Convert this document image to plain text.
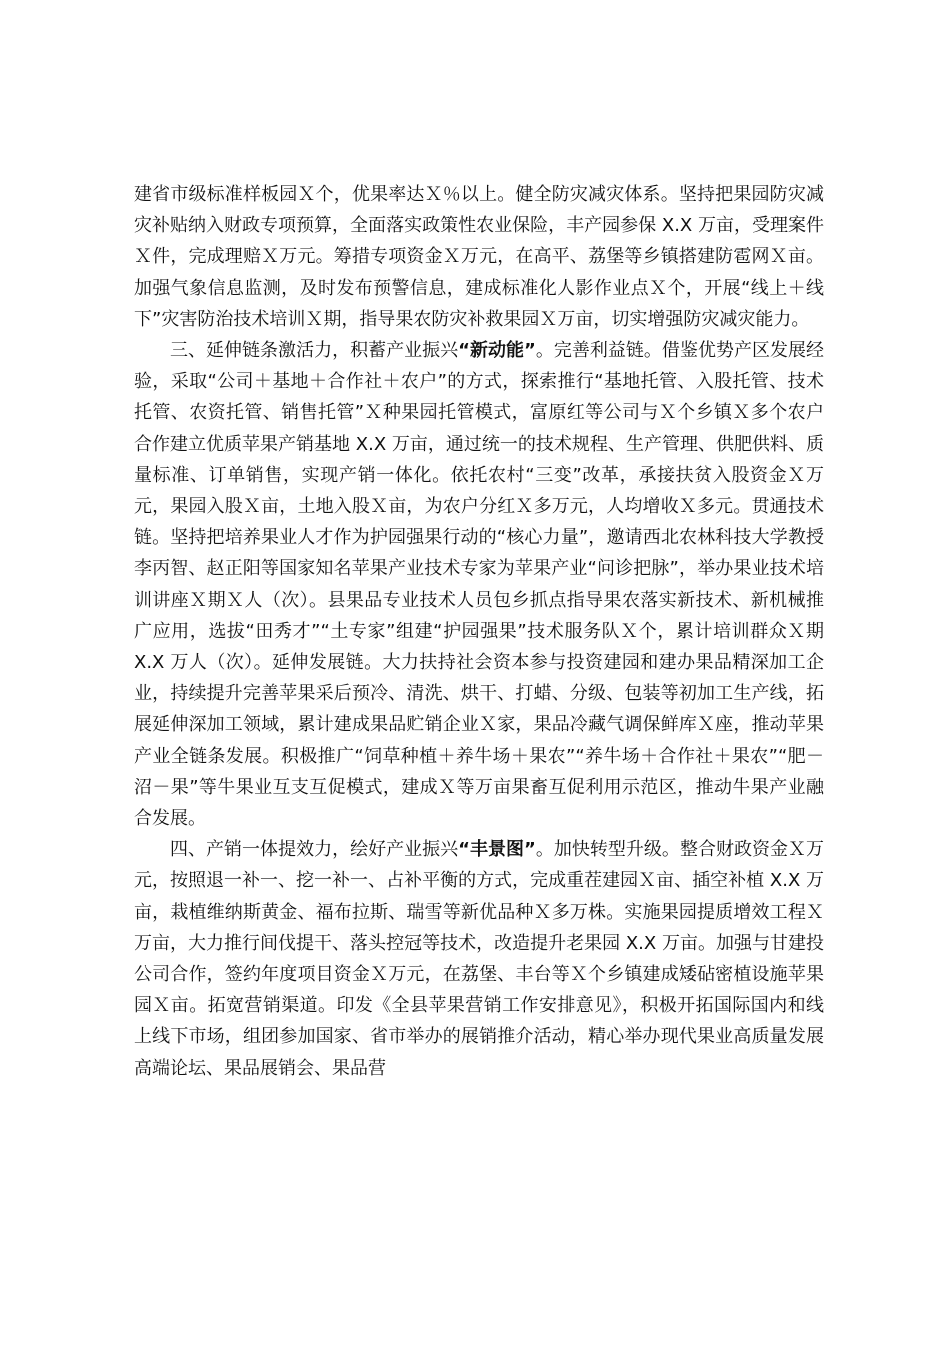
建省市级标准样板园Ｘ个，优果率达Ｘ％以上。健全防灾减灾体系。坚持把果园防灾减灾补贴纳入财政专项预算，全面落实政策性农业保险，丰产园参保 X.X 万亩，受理案件Ｘ件，完成理赔Ｘ万元。筹措专项资金Ｘ万元，在高平、荔堡等乡镇搭建防雹网Ｘ亩。加强气象信息监测，及时发布预警信息，建成标准化人影作业点Ｘ个，开展“线上＋线下”灾害防治技术培训Ｘ期，指导果农防灾补救果园Ｘ万亩，切实增强防灾减灾能力。

三、延伸链条激活力，积蓄产业振兴“新动能”。完善利益链。借鉴优势产区发展经验，采取“公司＋基地＋合作社＋农户”的方式，探索推行“基地托管、入股托管、技术托管、农资托管、销售托管”Ｘ种果园托管模式，富原红等公司与Ｘ个乡镇Ｘ多个农户合作建立优质苹果产销基地 X.X 万亩，通过统一的技术规程、生产管理、供肥供料、质量标准、订单销售，实现产销一体化。依托农村“三变”改革，承接扶贫入股资金Ｘ万元，果园入股Ｘ亩，土地入股Ｘ亩，为农户分红Ｘ多万元，人均增收Ｘ多元。贯通技术链。坚持把培养果业人才作为护园强果行动的“核心力量”，邀请西北农林科技大学教授李丙智、赵正阳等国家知名苹果产业技术专家为苹果产业“问诊把脉”，举办果业技术培训讲座Ｘ期Ｘ人（次）。县果品专业技术人员包乡抓点指导果农落实新技术、新机械推广应用，选拔“田秀才”“土专家”组建“护园强果”技术服务队Ｘ个，累计培训群众Ｘ期 X.X 万人（次）。延伸发展链。大力扶持社会资本参与投资建园和建办果品精深加工企业，持续提升完善苹果采后预冷、清洗、烘干、打蜡、分级、包装等初加工生产线，拓展延伸深加工领域，累计建成果品贮销企业Ｘ家，果品冷藏气调保鲜库Ｘ座，推动苹果产业全链条发展。积极推广“饲草种植＋养牛场＋果农”“养牛场＋合作社＋果农”“肥－沼－果”等牛果业互支互促模式，建成Ｘ等万亩果畜互促利用示范区，推动牛果产业融合发展。

四、产销一体提效力，绘好产业振兴“丰景图”。加快转型升级。整合财政资金Ｘ万元，按照退一补一、挖一补一、占补平衡的方式，完成重茬建园Ｘ亩、插空补植 X.X 万亩，栽植维纳斯黄金、福布拉斯、瑞雪等新优品种Ｘ多万株。实施果园提质增效工程Ｘ万亩，大力推行间伐提干、落头控冠等技术，改造提升老果园 X.X 万亩。加强与甘建投公司合作，签约年度项目资金Ｘ万元，在荔堡、丰台等Ｘ个乡镇建成矮砧密植设施苹果园Ｘ亩。拓宽营销渠道。印发《全县苹果营销工作安排意见》，积极开拓国际国内和线上线下市场，组团参加国家、省市举办的展销推介活动，精心举办现代果业高质量发展高端论坛、果品展销会、果品营
